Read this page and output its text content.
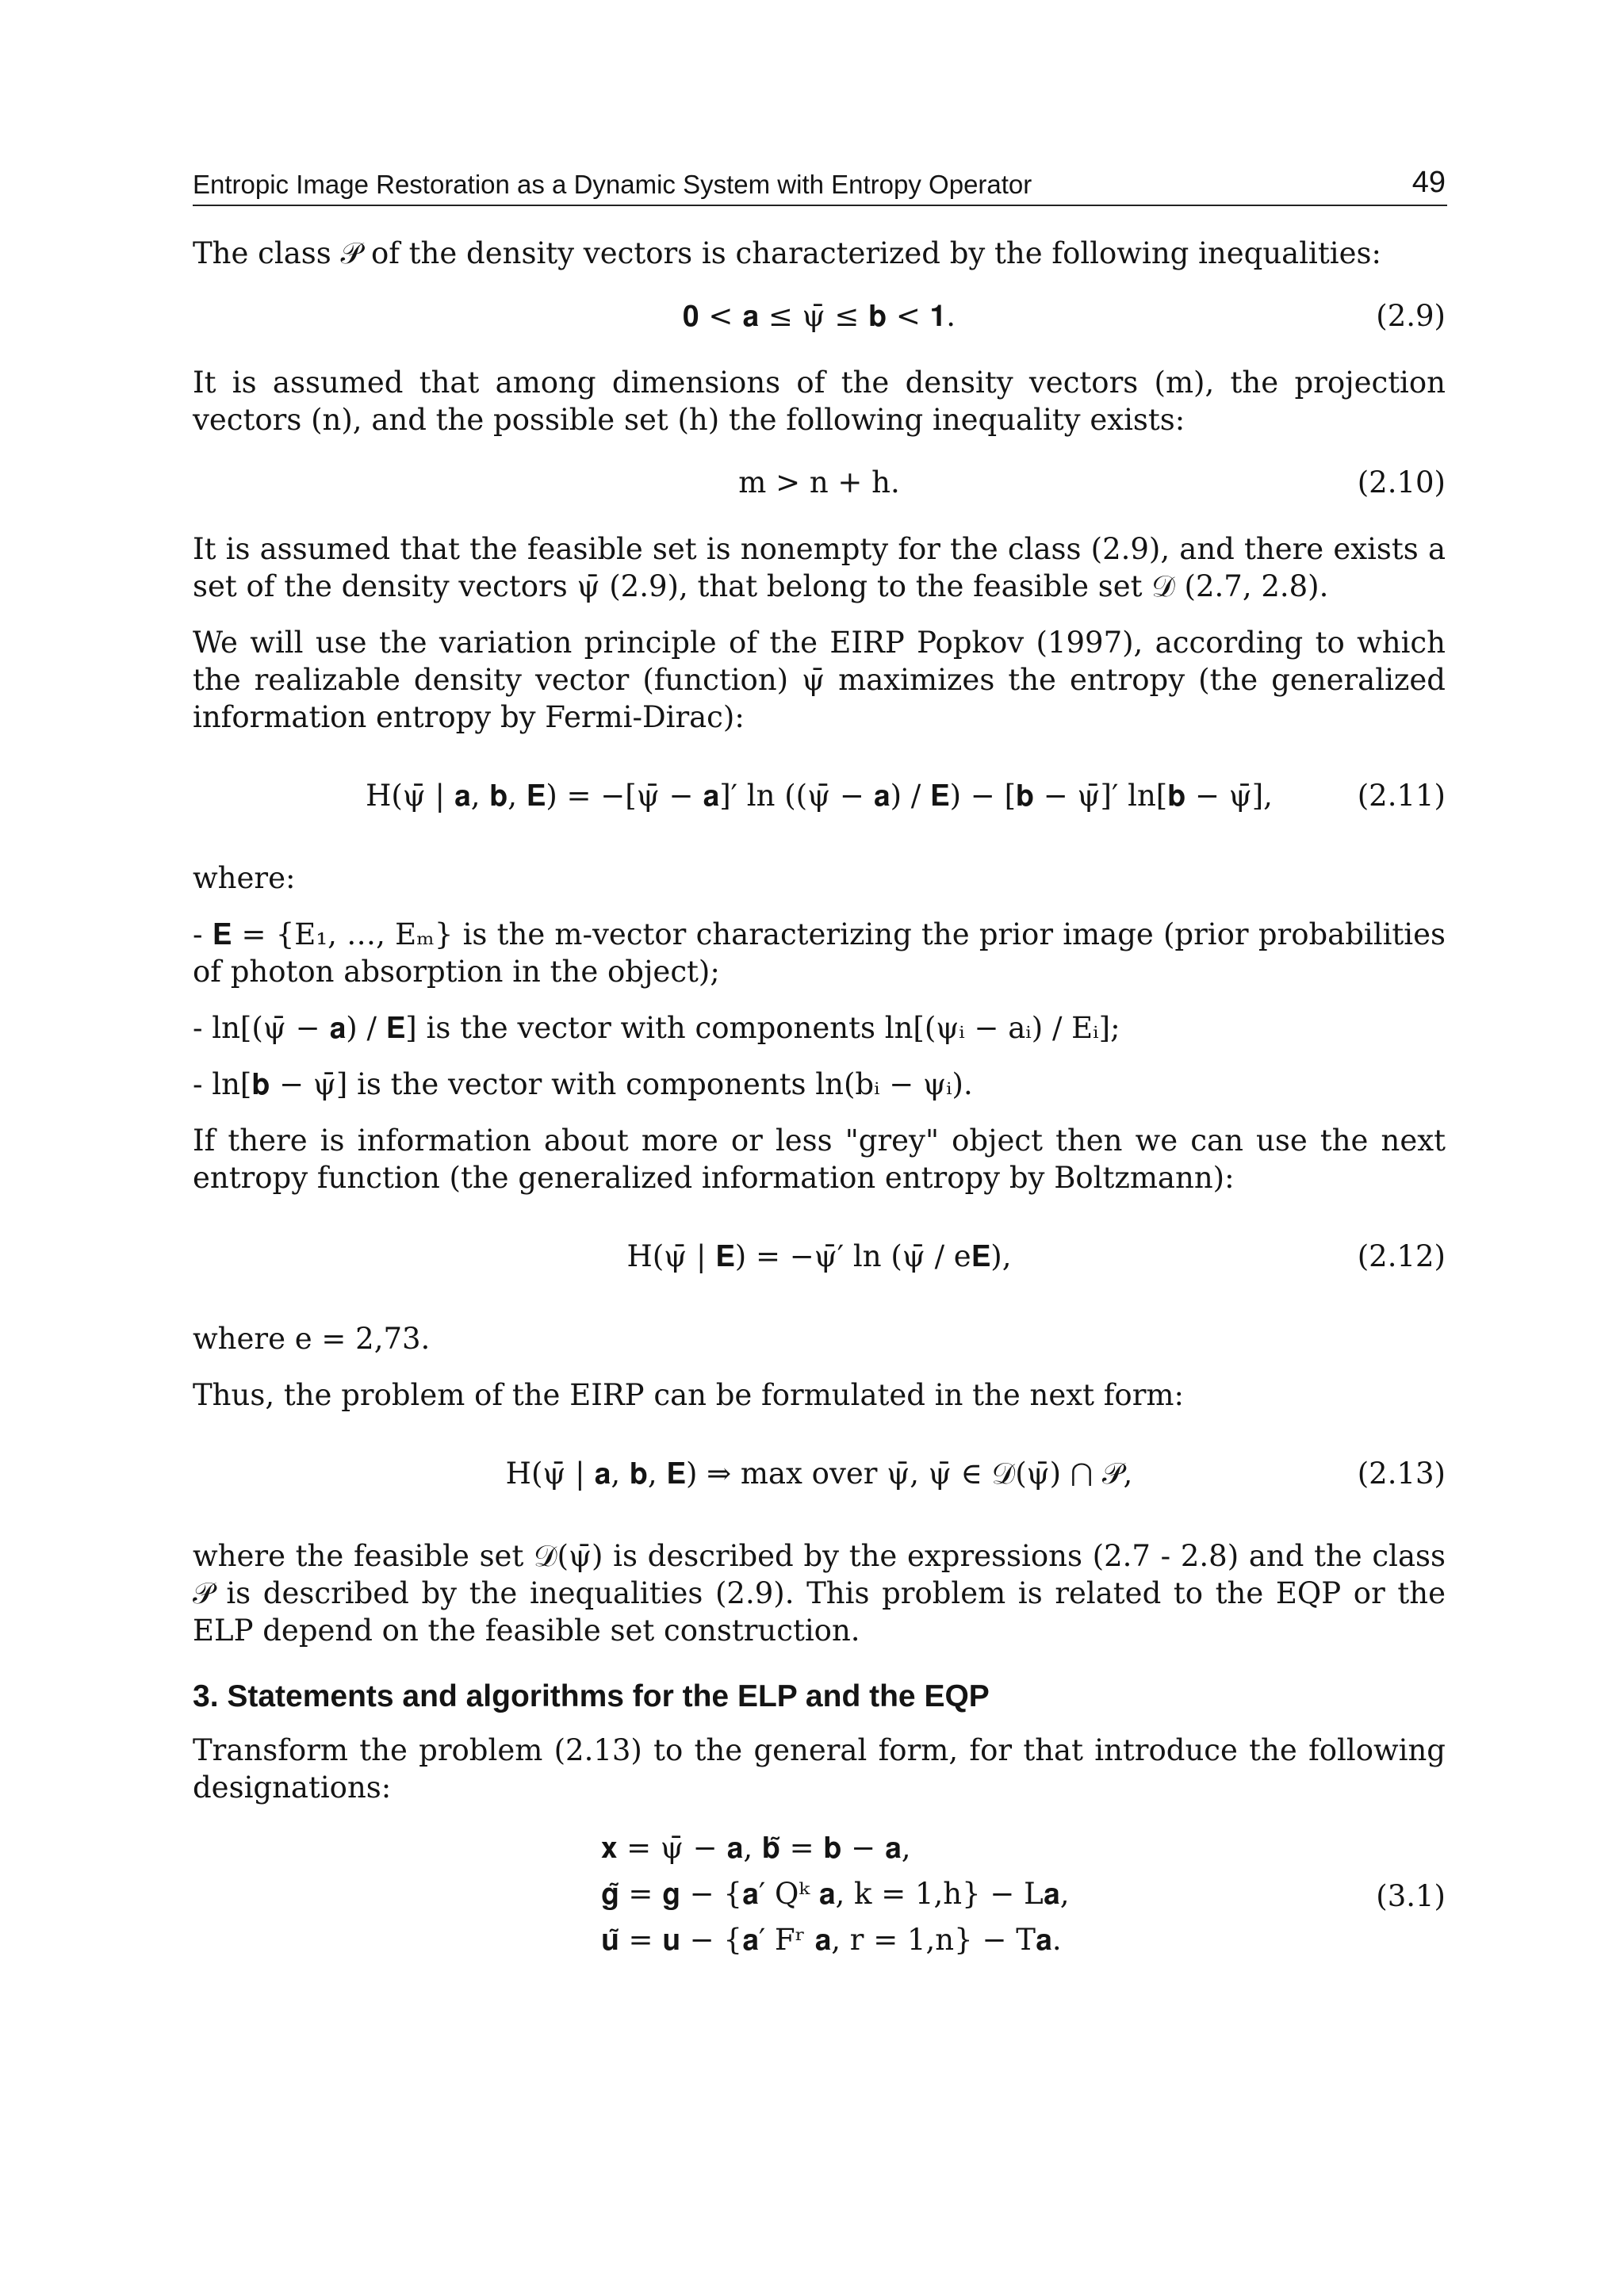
Entropic Image Restoration as a Dynamic System with Entropy Operator	49

The class 𝒫 of the density vectors is characterized by the following inequalities:

𝟎 < 𝐚 ≤ ψ̄ ≤ 𝐛 < 𝟏.	(2.9)

It is assumed that among dimensions of the density vectors (m), the projection vectors (n), and the possible set (h) the following inequality exists:

m > n + h.	(2.10)

It is assumed that the feasible set is nonempty for the class (2.9), and there exists a set of the density vectors ψ̄ (2.9), that belong to the feasible set 𝒟 (2.7, 2.8).

We will use the variation principle of the EIRP Popkov (1997), according to which the realizable density vector (function) ψ̄ maximizes the entropy (the generalized information entropy by Fermi-Dirac):

H(ψ̄ | 𝐚, 𝐛, 𝐄) = −[ψ̄ − 𝐚]′ ln ((ψ̄ − 𝐚) / 𝐄) − [𝐛 − ψ̄]′ ln[𝐛 − ψ̄],	(2.11)

where:

- 𝐄 = {E₁, …, Eₘ} is the m-vector characterizing the prior image (prior probabilities of photon absorption in the object);

- ln[(ψ̄ − 𝐚) / 𝐄] is the vector with components ln[(ψᵢ − aᵢ) / Eᵢ];

- ln[𝐛 − ψ̄] is the vector with components ln(bᵢ − ψᵢ).

If there is information about more or less "grey" object then we can use the next entropy function (the generalized information entropy by Boltzmann):

H(ψ̄ | 𝐄) = −ψ̄′ ln (ψ̄ / e𝐄),	(2.12)

where e = 2,73.

Thus, the problem of the EIRP can be formulated in the next form:

H(ψ̄ | 𝐚, 𝐛, 𝐄) ⇒ max over ψ̄, ψ̄ ∈ 𝒟(ψ̄) ⋂ 𝒫,	(2.13)

where the feasible set 𝒟(ψ̄) is described by the expressions (2.7 - 2.8) and the class 𝒫 is described by the inequalities (2.9). This problem is related to the EQP or the ELP depend on the feasible set construction.

3. Statements and algorithms for the ELP and the EQP

Transform the problem (2.13) to the general form, for that introduce the following designations:

𝐱 = ψ̄ − 𝐚, 𝐛̃ = 𝐛 − 𝐚,
𝐠̃ = 𝐠 − {𝐚′ Qᵏ 𝐚, k = 1,h} − L𝐚,
𝐮̃ = 𝐮 − {𝐚′ Fʳ 𝐚, r = 1,n} − T𝐚.
(3.1)
